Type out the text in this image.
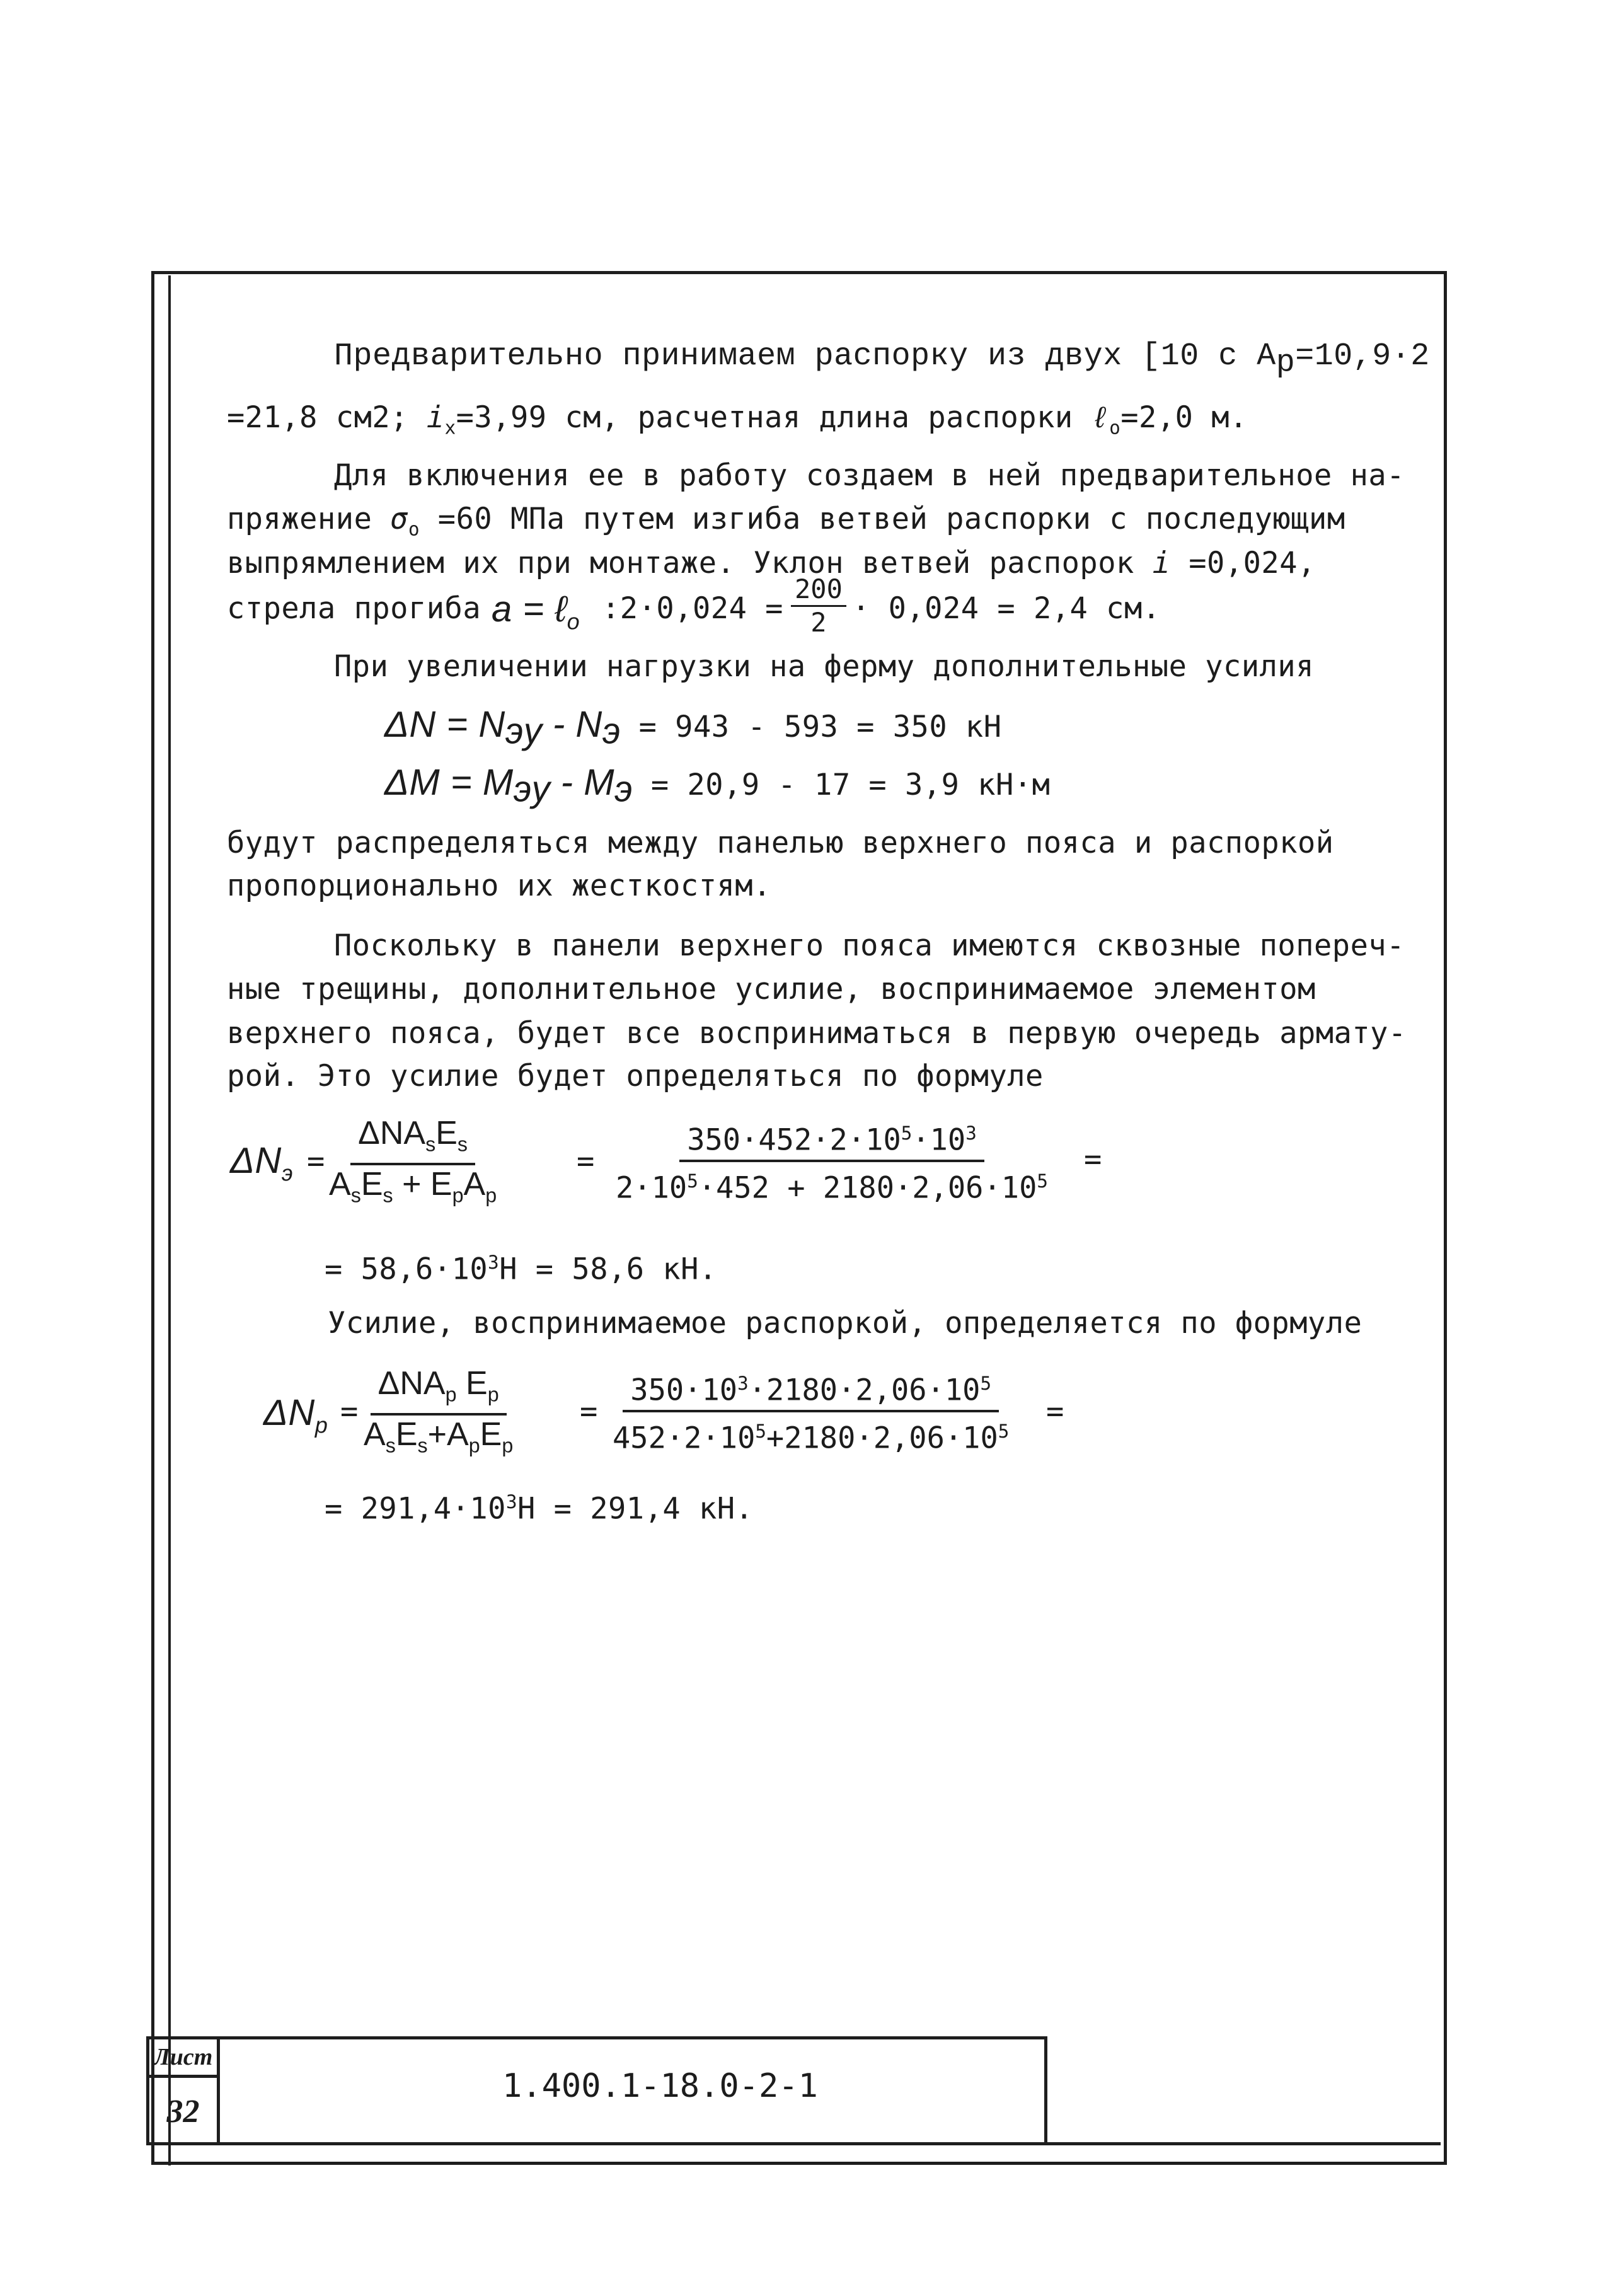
Предварительно принимаем распорку из двух [10 с $A_p=10,9\cdot 2$

=21,8 см2; $i_x=3,99$ см, расчетная длина распорки ℓ$_o$=2,0 м.

Для включения ее в работу создаем в ней предварительное на-

пряжение $\sigma_o =60$ МПа путем изгиба ветвей распорки с последующим

выпрямлением их при монтаже. Уклон ветвей распорок i =0,024,

стрела прогиба a = ℓ$_o$ :2·0,024 = $\frac{200}{2} \cdot 0,024 = 2,4$ см.

При увеличении нагрузки на ферму дополнительные усилия

$\Delta N = N_{эу} - N_э = 943 - 593 = 350$ кН

$\Delta M = M_{эу} - M_э = 20,9 - 17 = 3,9$ кН·м

будут распределяться между панелью верхнего пояса и распоркой

пропорционально их жесткостям.

Поскольку в панели верхнего пояса имеются сквозные попереч-

ные трещины, дополнительное усилие, воспринимаемое элементом

верхнего пояса, будет все восприниматься в первую очередь армату-

рой. Это усилие будет определяться по формуле

$\Delta N_э$ =

$\Delta NA_sE_s$
$A_sE_s + E_pA_p$

= $\frac{350\cdot 452\cdot 2\cdot 10^5\cdot 10^3}{2\cdot 10^5\cdot 452 + 2180\cdot 2,06\cdot 10^5}$ =

= $58,6\cdot 10^3Н = 58,6$ кН.

Усилие, воспринимаемое распоркой, определяется по формуле

$\Delta N_p$ =

$\Delta NA_p$ $E_p$
$A_sE_s+A_pE_p$

= $\frac{350\cdot 10^3\cdot 2180\cdot 2,06\cdot 10^5}{452\cdot 2\cdot 10^5+2180\cdot 2,06\cdot 10^5}$ =

= $291,4\cdot 10^3Н = 291,4$ кН.

Лист
32
1.400.1-18.0-2-1
